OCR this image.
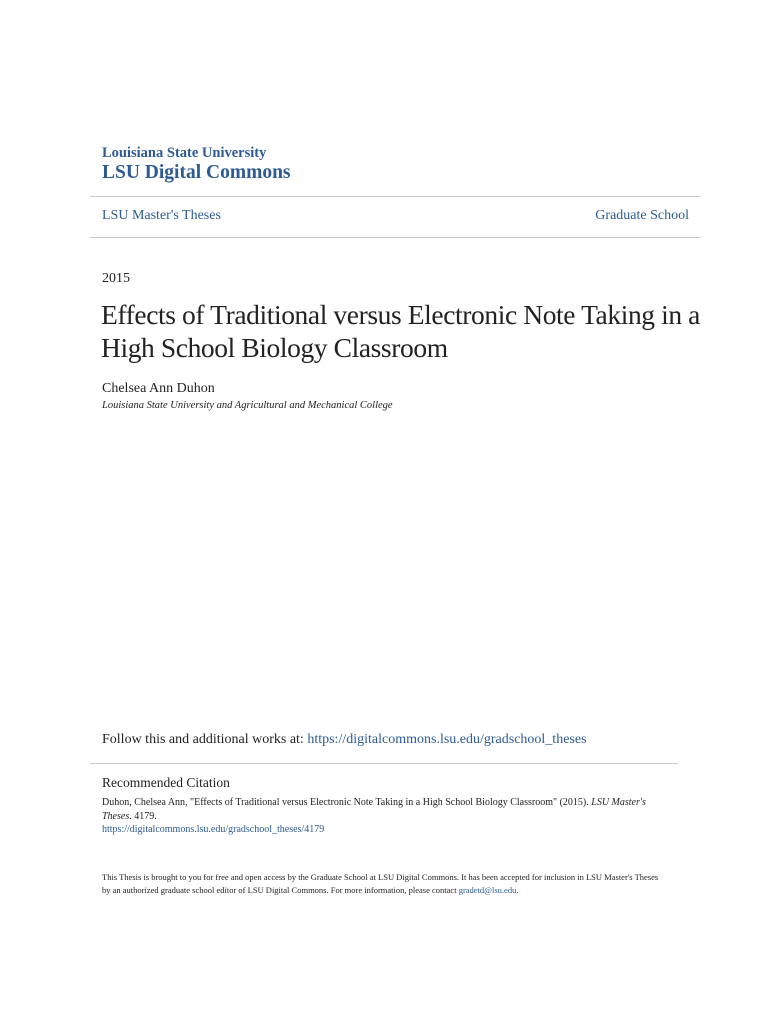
Louisiana State University
LSU Digital Commons
LSU Master's Theses	Graduate School
2015
Effects of Traditional versus Electronic Note Taking in a High School Biology Classroom
Chelsea Ann Duhon
Louisiana State University and Agricultural and Mechanical College
Follow this and additional works at: https://digitalcommons.lsu.edu/gradschool_theses
Recommended Citation
Duhon, Chelsea Ann, "Effects of Traditional versus Electronic Note Taking in a High School Biology Classroom" (2015). LSU Master's Theses. 4179.
https://digitalcommons.lsu.edu/gradschool_theses/4179
This Thesis is brought to you for free and open access by the Graduate School at LSU Digital Commons. It has been accepted for inclusion in LSU Master's Theses by an authorized graduate school editor of LSU Digital Commons. For more information, please contact gradetd@lsu.edu.
